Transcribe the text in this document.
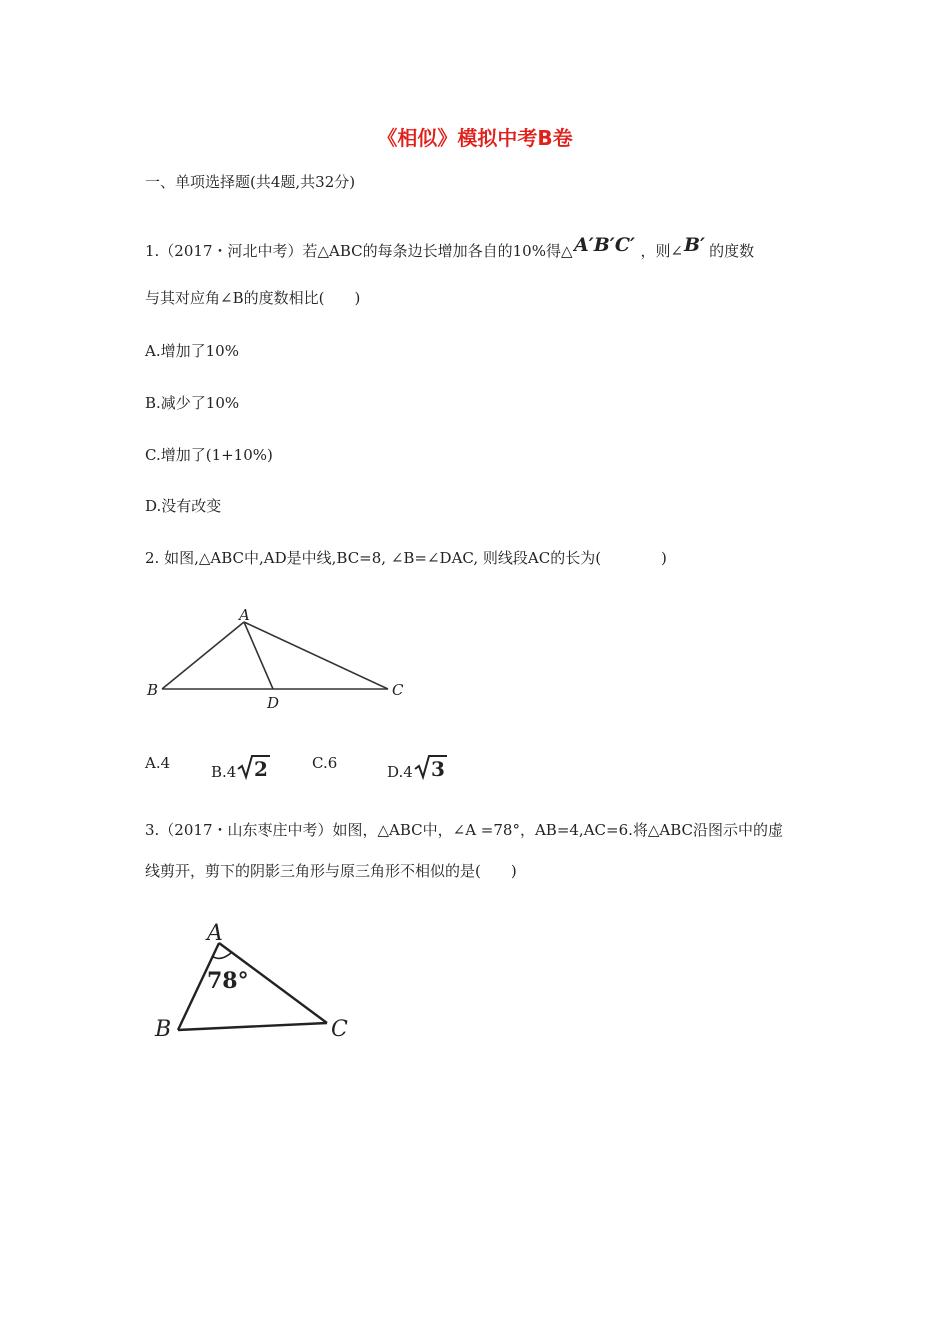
《相似》模拟中考B卷
一、单项选择题(共4题,共32分)
1.（2017・河北中考）若△ABC的每条边长增加各自的10%得△ A′B′C′ ，则∠ B′ 的度数
与其对应角∠B的度数相比(　　)
A.增加了10%
B.减少了10%
C.增加了(1+10%)
D.没有改变
2. 如图,△ABC中,AD是中线,BC=8, ∠B=∠DAC, 则线段AC的长为(　　　　)
A
B	C
D
A.4	B.4 2	C.6	D.4 3
3.（2017・山东枣庄中考）如图，△ABC中，∠A =78°，AB=4,AC=6.将△ABC沿图示中的虚
线剪开，剪下的阴影三角形与原三角形不相似的是(　　)
A
B	C
78°
